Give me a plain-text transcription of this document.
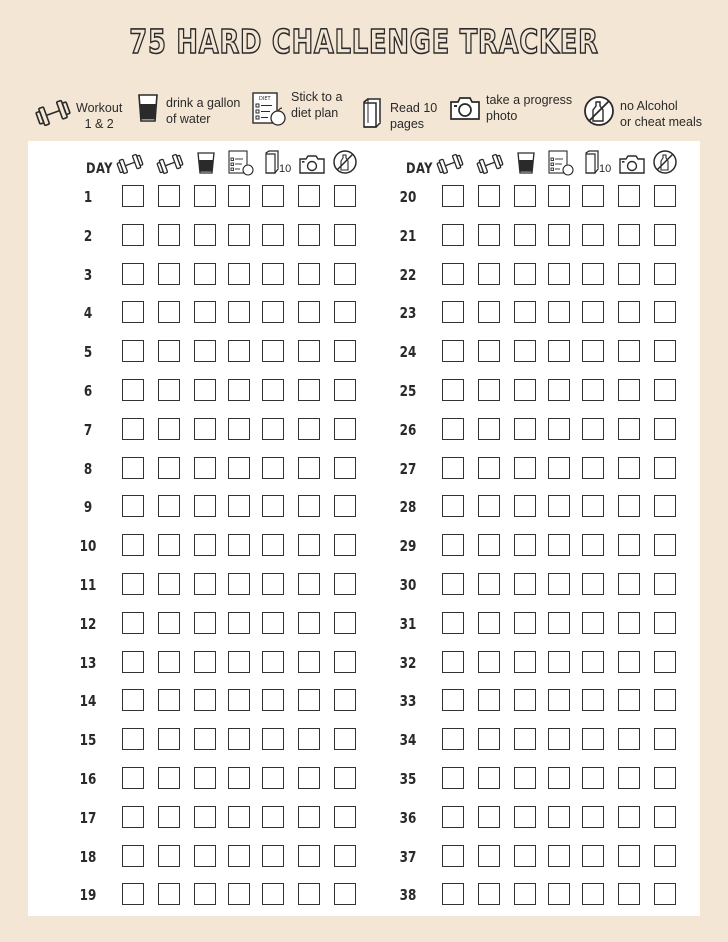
75 HARD CHALLENGE TRACKER
Workout
1 & 2
drink a gallon
of water
DIET Stick to a
diet plan	Read 10
pages
take a progress
photo
no Alcohol
or cheat meals
DAY	10
1
2
3
4
5
6
7
8
9
10
11
12
13
14
15
16
17
18
19
DAY	10
20
21
22
23
24
25
26
27
28
29
30
31
32
33
34
35
36
37
38
